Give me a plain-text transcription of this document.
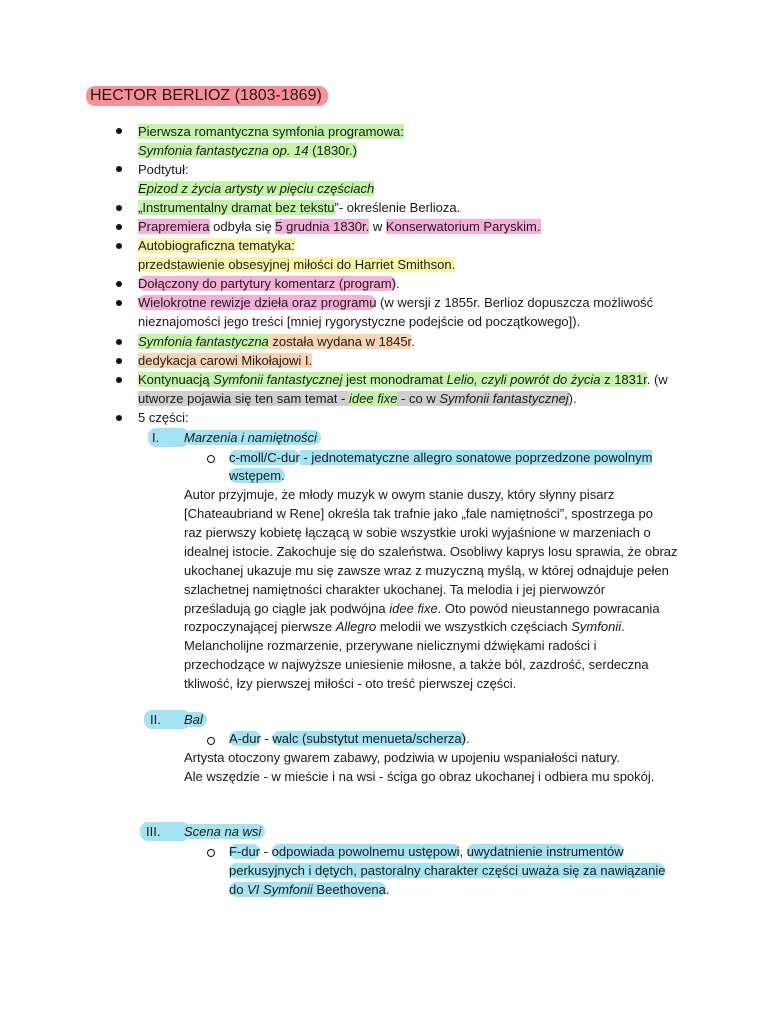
HECTOR BERLIOZ (1803-1869)
Pierwsza romantyczna symfonia programowa:
Symfonia fantastyczna op. 14 (1830r.)
Podtytuł:
Epizod z życia artysty w pięciu częściach
„Instrumentalny dramat bez tekstu”- określenie Berlioza.
Prapremiera odbyła się 5 grudnia 1830r. w Konserwatorium Paryskim.
Autobiograficzna tematyka:
przedstawienie obsesyjnej miłości do Harriet Smithson.
Dołączony do partytury komentarz (program).
Wielokrotne rewizje dzieła oraz programu (w wersji z 1855r. Berlioz dopuszcza możliwość
nieznajomości jego treści [mniej rygorystyczne podejście od początkowego]).
Symfonia fantastyczna została wydana w 1845r.
dedykacja carowi Mikołajowi I.
Kontynuacją Symfonii fantastycznej jest monodramat Lelio, czyli powrót do życia z 1831r. (w
utworze pojawia się ten sam temat - idee fixe - co w Symfonii fantastycznej).
5 części:
I.	Marzenia i namiętności
c-moll/C-dur - jednotematyczne allegro sonatowe poprzedzone powolnym
wstępem.
Autor przyjmuje, że młody muzyk w owym stanie duszy, który słynny pisarz
[Chateaubriand w Rene] określa tak trafnie jako „fale namiętności”, spostrzega po
raz pierwszy kobietę łączącą w sobie wszystkie uroki wyjaśnione w marzeniach o
idealnej istocie. Zakochuje się do szaleństwa. Osobliwy kaprys losu sprawia, że obraz
ukochanej ukazuje mu się zawsze wraz z muzyczną myślą, w której odnajduje pełen
szlachetnej namiętności charakter ukochanej. Ta melodia i jej pierwowzór
prześladują go ciągle jak podwójna idee fixe. Oto powód nieustannego powracania
rozpoczynającej pierwsze Allegro melodii we wszystkich częściach Symfonii.
Melancholijne rozmarzenie, przerywane nielicznymi dźwiękami radości i
przechodzące w najwyższe uniesienie miłosne, a także ból, zazdrość, serdeczna
tkliwość, łzy pierwszej miłości - oto treść pierwszej części.
II.	Bal
A-dur - walc (substytut menueta/scherza).
Artysta otoczony gwarem zabawy, podziwia w upojeniu wspaniałości natury.
Ale wszędzie - w mieście i na wsi - ściga go obraz ukochanej i odbiera mu spokój.
III.	Scena na wsi
F-dur - odpowiada powolnemu ustępowi, uwydatnienie instrumentów
perkusyjnych i dętych, pastoralny charakter części uważa się za nawiązanie
do VI Symfonii Beethovena.
